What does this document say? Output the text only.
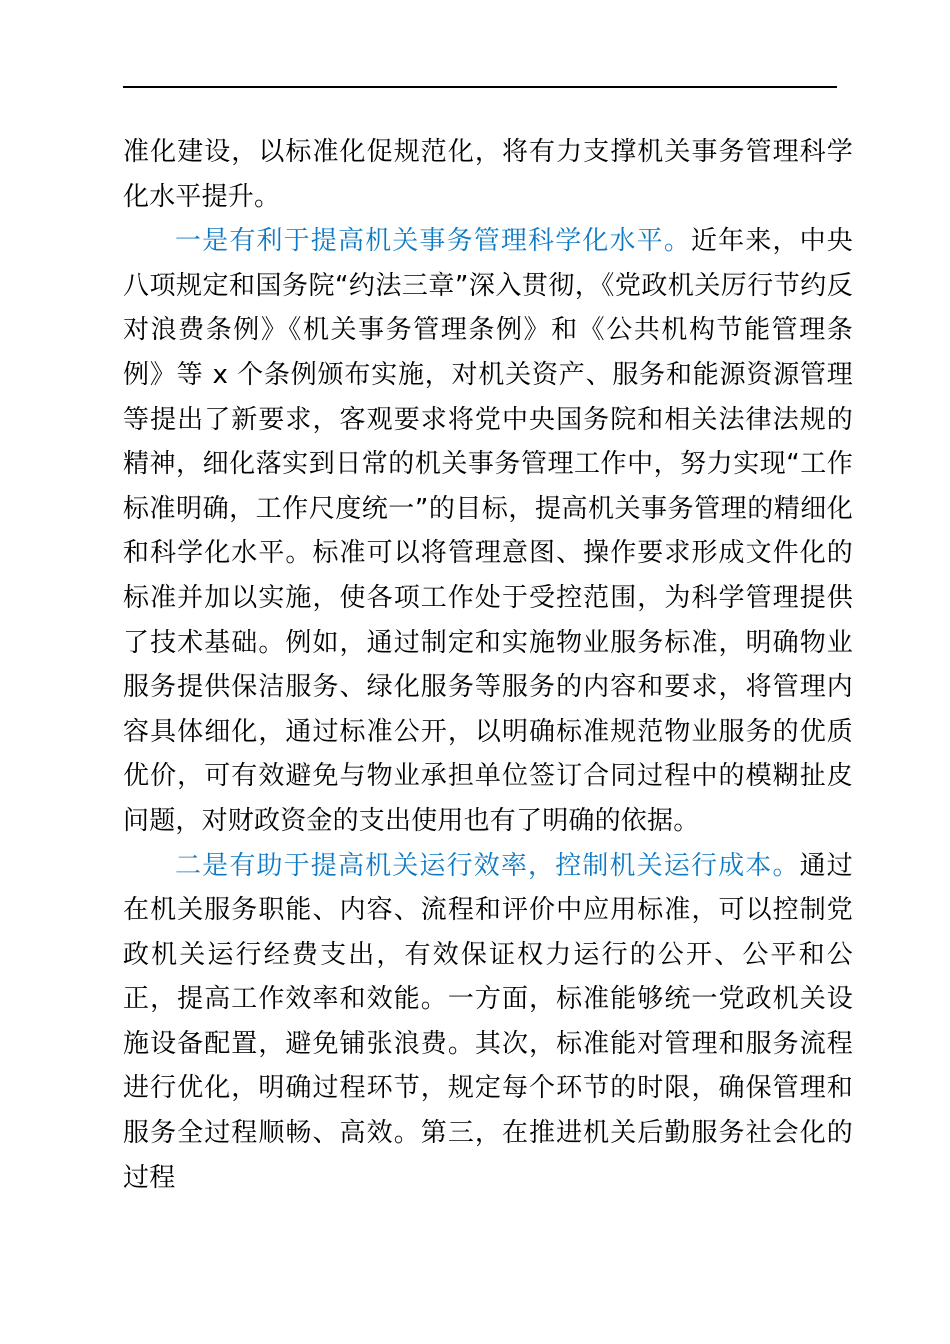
准化建设，以标准化促规范化，将有力支撑机关事务管理科学化水平提升。

一是有利于提高机关事务管理科学化水平。近年来，中央八项规定和国务院“约法三章”深入贯彻，《党政机关厉行节约反对浪费条例》《机关事务管理条例》和《公共机构节能管理条例》等 x 个条例颁布实施，对机关资产、服务和能源资源管理等提出了新要求，客观要求将党中央国务院和相关法律法规的精神，细化落实到日常的机关事务管理工作中，努力实现“工作标准明确，工作尺度统一”的目标，提高机关事务管理的精细化和科学化水平。标准可以将管理意图、操作要求形成文件化的标准并加以实施，使各项工作处于受控范围，为科学管理提供了技术基础。例如，通过制定和实施物业服务标准，明确物业服务提供保洁服务、绿化服务等服务的内容和要求，将管理内容具体细化，通过标准公开，以明确标准规范物业服务的优质优价，可有效避免与物业承担单位签订合同过程中的模糊扯皮问题，对财政资金的支出使用也有了明确的依据。

二是有助于提高机关运行效率，控制机关运行成本。通过在机关服务职能、内容、流程和评价中应用标准，可以控制党政机关运行经费支出，有效保证权力运行的公开、公平和公正，提高工作效率和效能。一方面，标准能够统一党政机关设施设备配置，避免铺张浪费。其次，标准能对管理和服务流程进行优化，明确过程环节，规定每个环节的时限，确保管理和服务全过程顺畅、高效。第三，在推进机关后勤服务社会化的过程
